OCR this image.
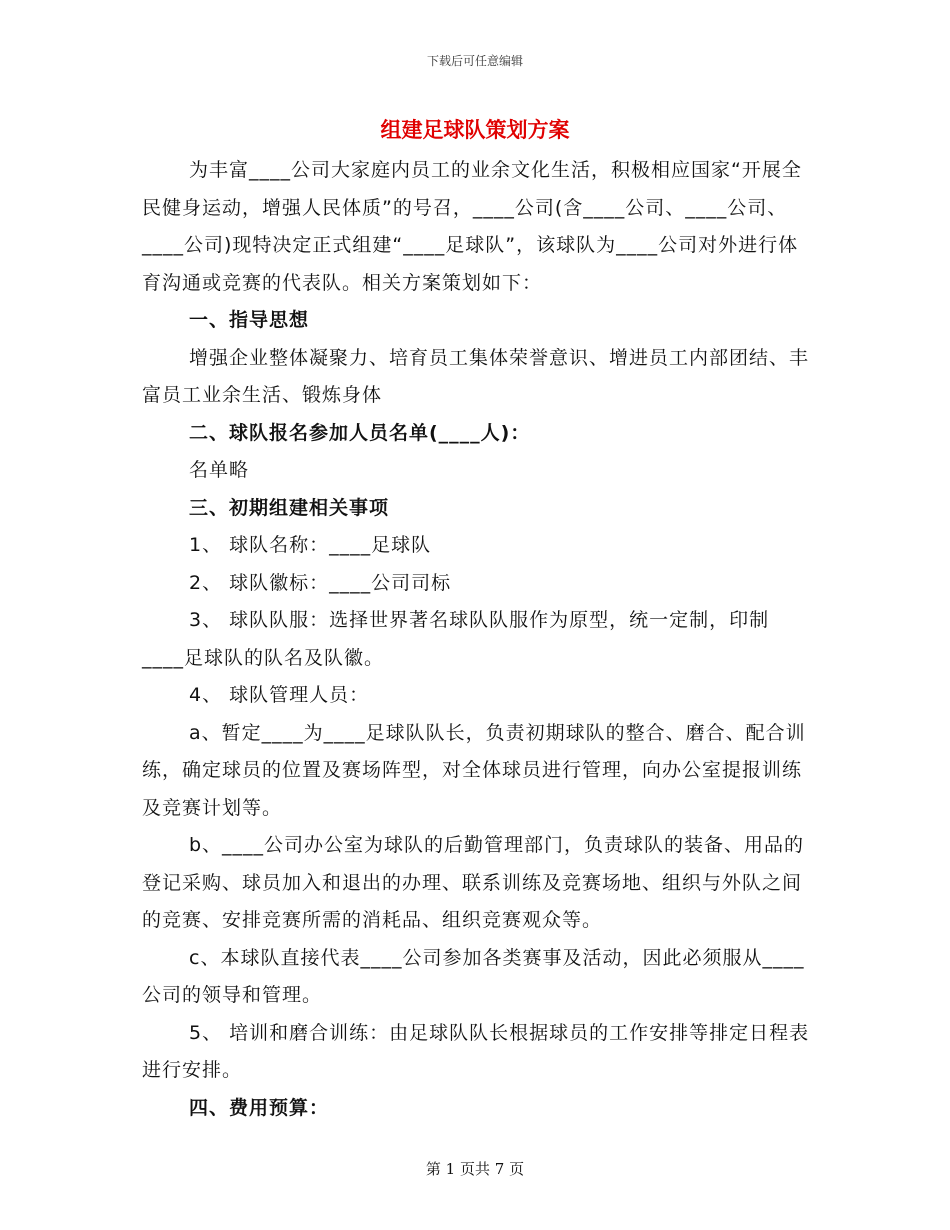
下载后可任意编辑
组建足球队策划方案

为丰富____公司大家庭内员工的业余文化生活，积极相应国家“开展全民健身运动，增强人民体质”的号召，____公司(含____公司、____公司、____公司)现特决定正式组建“____足球队”，该球队为____公司对外进行体育沟通或竞赛的代表队。相关方案策划如下：

一、指导思想

增强企业整体凝聚力、培育员工集体荣誉意识、增进员工内部团结、丰富员工业余生活、锻炼身体

二、球队报名参加人员名单(____人)：

名单略

三、初期组建相关事项

1、 球队名称：____足球队

2、 球队徽标：____公司司标

3、 球队队服：选择世界著名球队队服作为原型，统一定制，印制____足球队的队名及队徽。

4、 球队管理人员：

a、暂定____为____足球队队长，负责初期球队的整合、磨合、配合训练，确定球员的位置及赛场阵型，对全体球员进行管理，向办公室提报训练及竞赛计划等。

b、____公司办公室为球队的后勤管理部门，负责球队的装备、用品的登记采购、球员加入和退出的办理、联系训练及竞赛场地、组织与外队之间的竞赛、安排竞赛所需的消耗品、组织竞赛观众等。

c、本球队直接代表____公司参加各类赛事及活动，因此必须服从____公司的领导和管理。

5、 培训和磨合训练：由足球队队长根据球员的工作安排等排定日程表进行安排。

四、费用预算：

第 1 页共 7 页
